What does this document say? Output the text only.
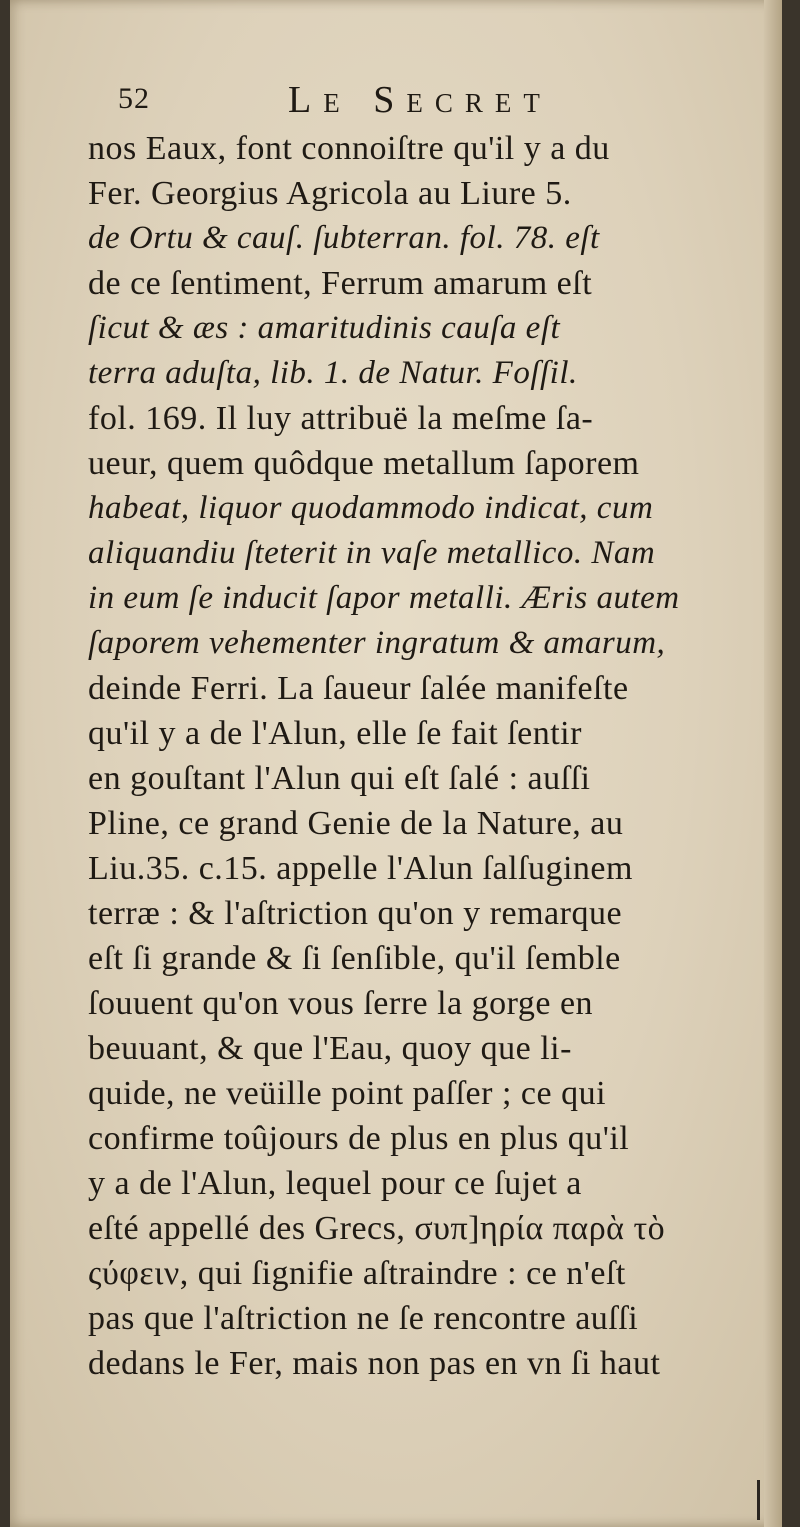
52	Le Secret
nos Eaux, font connoiſtre qu'il y a du
Fer. Georgius Agricola au Liure 5.
de Ortu & cauſ. ſubterran. fol. 78. eſt
de ce ſentiment, Ferrum amarum eſt
ſicut & æs : amaritudinis cauſa eſt
terra aduſta, lib. 1. de Natur. Foſſil.
fol. 169. Il luy attribuë la meſme ſa-
ueur, quem quôdque metallum ſaporem
habeat, liquor quodammodo indicat, cum
aliquandiu ſteterit in vaſe metallico. Nam
in eum ſe inducit ſapor metalli. Æris autem
ſaporem vehementer ingratum & amarum,
deinde Ferri. La ſaueur ſalée manifeſte
qu'il y a de l'Alun, elle ſe fait ſentir
en gouſtant l'Alun qui eſt ſalé : auſſi
Pline, ce grand Genie de la Nature, au
Liu.35. c.15. appelle l'Alun ſalſuginem
terræ : & l'aſtriction qu'on y remarque
eſt ſi grande & ſi ſenſible, qu'il ſemble
ſouuent qu'on vous ſerre la gorge en
beuuant, & que l'Eau, quoy que li-
quide, ne veüille point paſſer ; ce qui
confirme toûjours de plus en plus qu'il
y a de l'Alun, lequel pour ce ſujet a
eſté appellé des Grecs, συπ]ηρία παρὰ τὸ
ςύφειν, qui ſignifie aſtraindre : ce n'eſt
pas que l'aſtriction ne ſe rencontre auſſi
dedans le Fer, mais non pas en vn ſi haut
